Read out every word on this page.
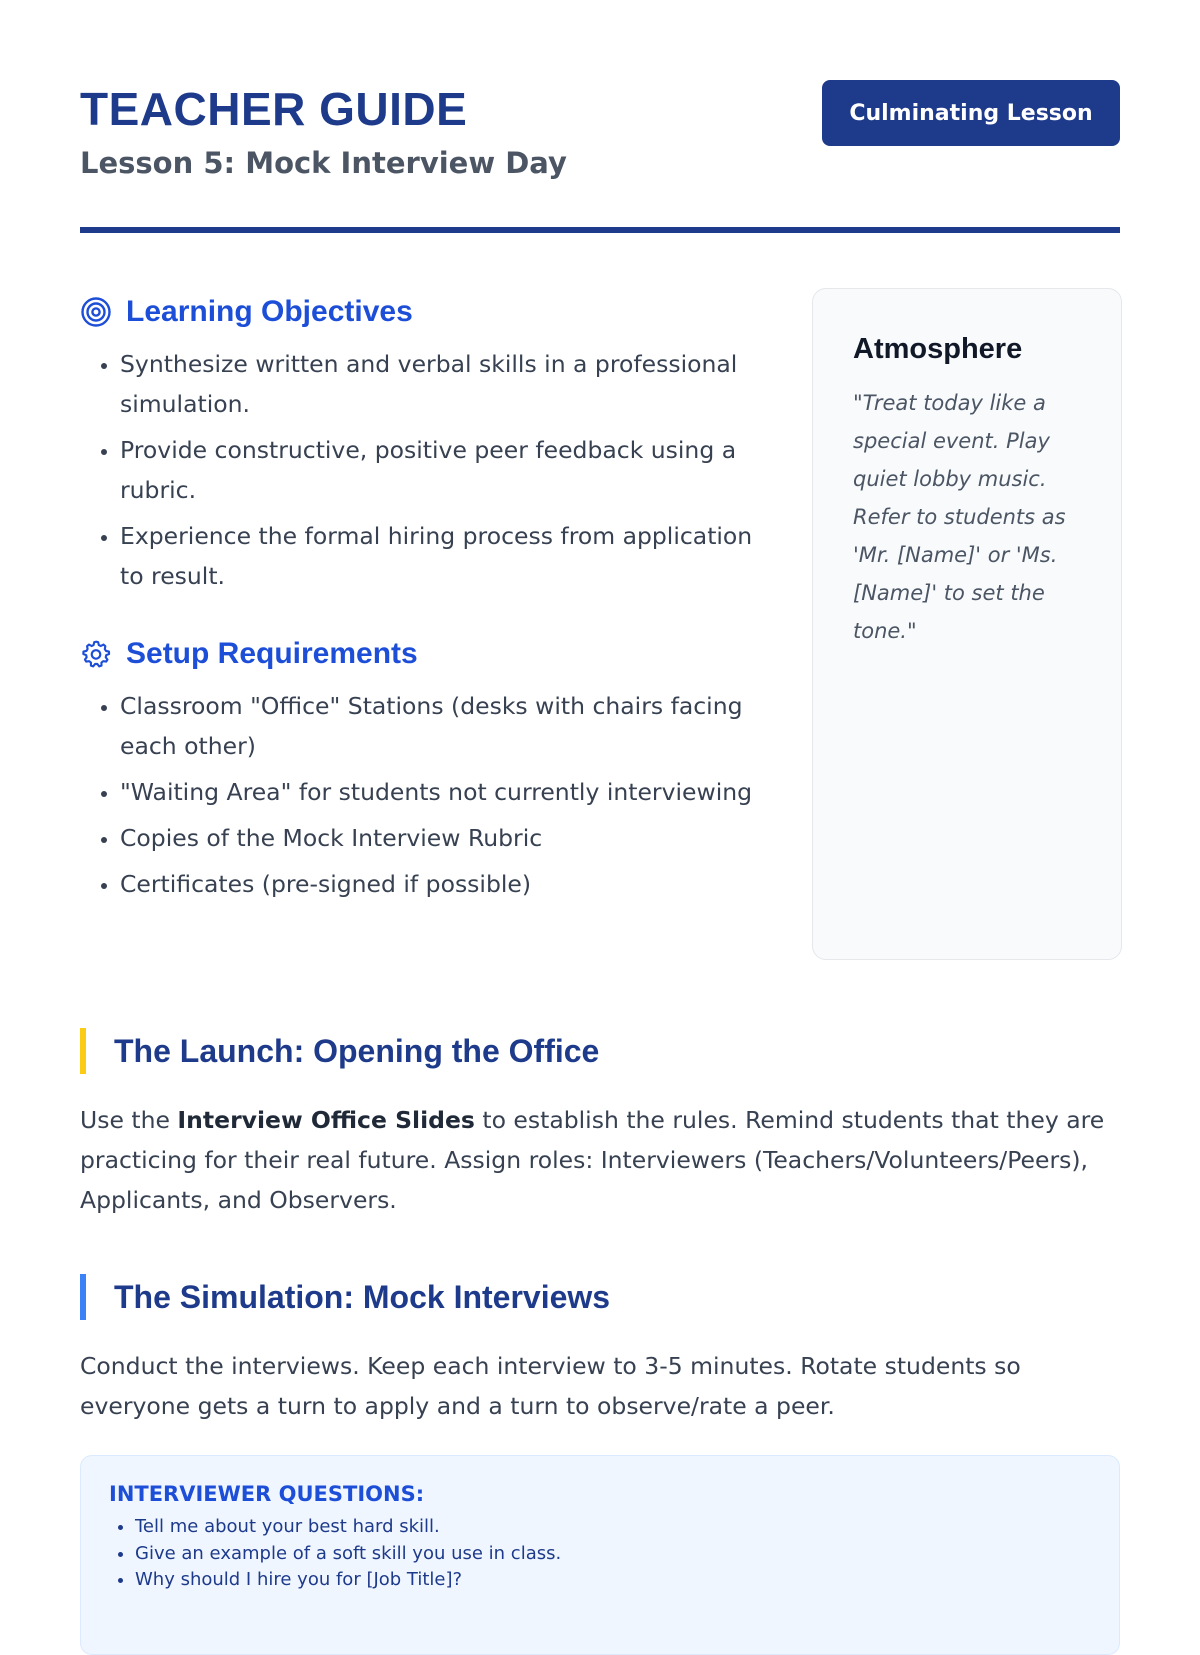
TEACHER GUIDE
Lesson 5: Mock Interview Day
Culminating Lesson
Learning Objectives
• Synthesize written and verbal skills in a professional simulation.
• Provide constructive, positive peer feedback using a rubric.
• Experience the formal hiring process from application to result.
Setup Requirements
• Classroom "Office" Stations (desks with chairs facing each other)
• "Waiting Area" for students not currently interviewing
• Copies of the Mock Interview Rubric
• Certificates (pre-signed if possible)
Atmosphere
"Treat today like a special event. Play quiet lobby music. Refer to students as 'Mr. [Name]' or 'Ms. [Name]' to set the tone."
The Launch: Opening the Office

Use the Interview Office Slides to establish the rules. Remind students that they are practicing for their real future. Assign roles: Interviewers (Teachers/Volunteers/Peers), Applicants, and Observers.

The Simulation: Mock Interviews

Conduct the interviews. Keep each interview to 3-5 minutes. Rotate students so everyone gets a turn to apply and a turn to observe/rate a peer.

INTERVIEWER QUESTIONS:
• Tell me about your best hard skill.
• Give an example of a soft skill you use in class.
• Why should I hire you for [Job Title]?
